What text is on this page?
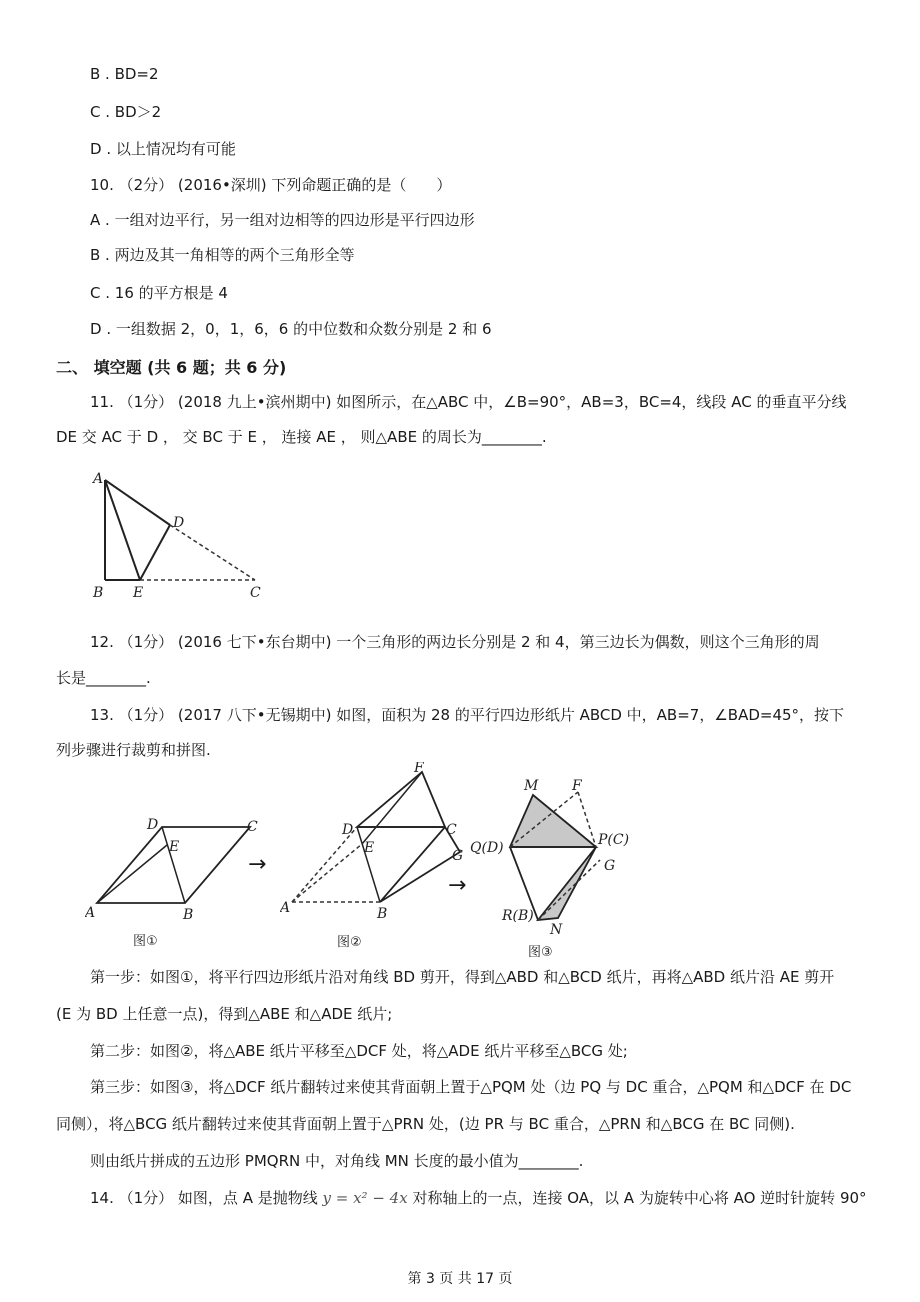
B . BD=2
C . BD＞2
D . 以上情况均有可能
10. （2分） (2016•深圳) 下列命题正确的是（　　）
A . 一组对边平行，另一组对边相等的四边形是平行四边形
B . 两边及其一角相等的两个三角形全等
C . 16 的平方根是 4
D . 一组数据 2，0，1，6，6 的中位数和众数分别是 2 和 6
二、 填空题 (共 6 题；共 6 分)
11. （1分） (2018 九上•滨州期中) 如图所示，在△ABC 中，∠B=90°，AB=3，BC=4，线段 AC 的垂直平分线
DE 交 AC 于 D ， 交 BC 于 E ， 连接 AE ， 则△ABE 的周长为________.
A
D
B E	C
12. （1分） (2016 七下•东台期中) 一个三角形的两边长分别是 2 和 4，第三边长为偶数，则这个三角形的周
长是________.
13. （1分） (2017 八下•无锡期中) 如图，面积为 28 的平行四边形纸片 ABCD 中，AB=7，∠BAD=45°，按下
列步骤进行裁剪和拼图.
A	B
D	C
E
图①
→
A	B
D	C
F
E	G
图②
→
M F
Q(D)	P(C)
G
R(B)
N
图③
第一步：如图①，将平行四边形纸片沿对角线 BD 剪开，得到△ABD 和△BCD 纸片，再将△ABD 纸片沿 AE 剪开
(E 为 BD 上任意一点)，得到△ABE 和△ADE 纸片;
第二步：如图②，将△ABE 纸片平移至△DCF 处，将△ADE 纸片平移至△BCG 处;
第三步：如图③，将△DCF 纸片翻转过来使其背面朝上置于△PQM 处（边 PQ 与 DC 重合，△PQM 和△DCF 在 DC
同侧），将△BCG 纸片翻转过来使其背面朝上置于△PRN 处，(边 PR 与 BC 重合，△PRN 和△BCG 在 BC 同侧).
则由纸片拼成的五边形 PMQRN 中，对角线 MN 长度的最小值为________.
14. （1分） 如图，点 A 是抛物线 y = x² − 4x 对称轴上的一点，连接 OA，以 A 为旋转中心将 AO 逆时针旋转 90°
第 3 页 共 17 页
